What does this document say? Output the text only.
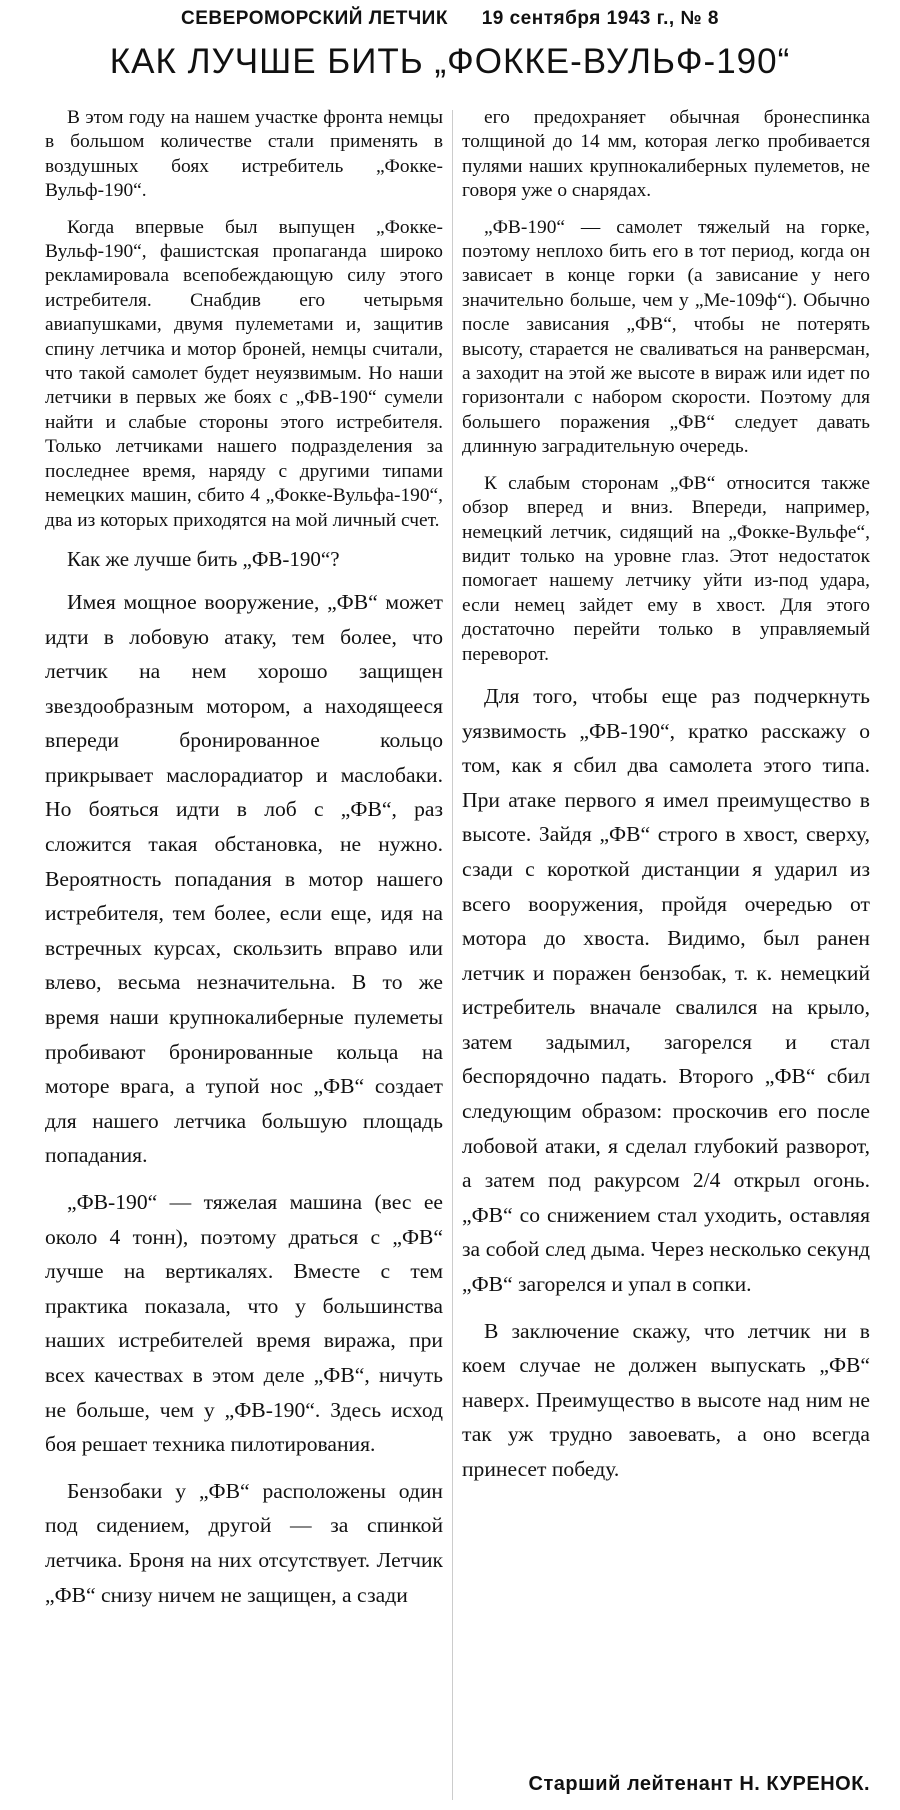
СЕВЕРОМОРСКИЙ ЛЕТЧИК 19 сентября 1943 г., № 8
КАК ЛУЧШЕ БИТЬ „ФОККЕ-ВУЛЬФ-190“

В этом году на нашем участке фронта немцы в большом количестве стали применять в воздушных боях истребитель „Фокке-Вульф-190“.

Когда впервые был выпущен „Фокке-Вульф-190“, фашистская пропаганда широко рекламировала всепобеждающую силу этого истребителя. Снабдив его четырьмя авиапушками, двумя пулеметами и, защитив спину летчика и мотор броней, немцы считали, что такой самолет будет неуязвимым. Но наши летчики в первых же боях с „ФВ-190“ сумели найти и слабые стороны этого истребителя. Только летчиками нашего подразделения за последнее время, наряду с другими типами немецких машин, сбито 4 „Фокке-Вульфа-190“, два из которых приходятся на мой личный счет.

Как же лучше бить „ФВ-190“?

Имея мощное вооружение, „ФВ“ может идти в лобовую атаку, тем более, что летчик на нем хорошо защищен звездообразным мотором, а находящееся впереди бронированное кольцо прикрывает маслорадиатор и маслобаки. Но бояться идти в лоб с „ФВ“, раз сложится такая обстановка, не нужно. Вероятность попадания в мотор нашего истребителя, тем более, если еще, идя на встречных курсах, скользить вправо или влево, весьма незначительна. В то же время наши крупнокалиберные пулеметы пробивают бронированные кольца на моторе врага, а тупой нос „ФВ“ создает для нашего летчика большую площадь попадания.

„ФВ-190“ — тяжелая машина (вес ее около 4 тонн), поэтому драться с „ФВ“ лучше на вертикалях. Вместе с тем практика показала, что у большинства наших истребителей время виража, при всех качествах в этом деле „ФВ“, ничуть не больше, чем у „ФВ-190“. Здесь исход боя решает техника пилотирования.

Бензобаки у „ФВ“ расположены один под сидением, другой — за спинкой летчика. Броня на них отсутствует. Летчик „ФВ“ снизу ничем не защищен, а сзади

его предохраняет обычная бронеспинка толщиной до 14 мм, которая легко пробивается пулями наших крупнокалиберных пулеметов, не говоря уже о снарядах.

„ФВ-190“ — самолет тяжелый на горке, поэтому неплохо бить его в тот период, когда он зависает в конце горки (а зависание у него значительно больше, чем у „Ме-109ф“). Обычно после зависания „ФВ“, чтобы не потерять высоту, старается не сваливаться на ранверсман, а заходит на этой же высоте в вираж или идет по горизонтали с набором скорости. Поэтому для большего поражения „ФВ“ следует давать длинную заградительную очередь.

К слабым сторонам „ФВ“ относится также обзор вперед и вниз. Впереди, например, немецкий летчик, сидящий на „Фокке-Вульфе“, видит только на уровне глаз. Этот недостаток помогает нашему летчику уйти из-под удара, если немец зайдет ему в хвост. Для этого достаточно перейти только в управляемый переворот.

Для того, чтобы еще раз подчеркнуть уязвимость „ФВ-190“, кратко расскажу о том, как я сбил два самолета этого типа. При атаке первого я имел преимущество в высоте. Зайдя „ФВ“ строго в хвост, сверху, сзади с короткой дистанции я ударил из всего вооружения, пройдя очередью от мотора до хвоста. Видимо, был ранен летчик и поражен бензобак, т. к. немецкий истребитель вначале свалился на крыло, затем задымил, загорелся и стал беспорядочно падать. Второго „ФВ“ сбил следующим образом: проскочив его после лобовой атаки, я сделал глубокий разворот, а затем под ракурсом 2/4 открыл огонь. „ФВ“ со снижением стал уходить, оставляя за собой след дыма. Через несколько секунд „ФВ“ загорелся и упал в сопки.

В заключение скажу, что летчик ни в коем случае не должен выпускать „ФВ“ наверх. Преимущество в высоте над ним не так уж трудно завоевать, а оно всегда принесет победу.

Старший лейтенант Н. КУРЕНОК.
